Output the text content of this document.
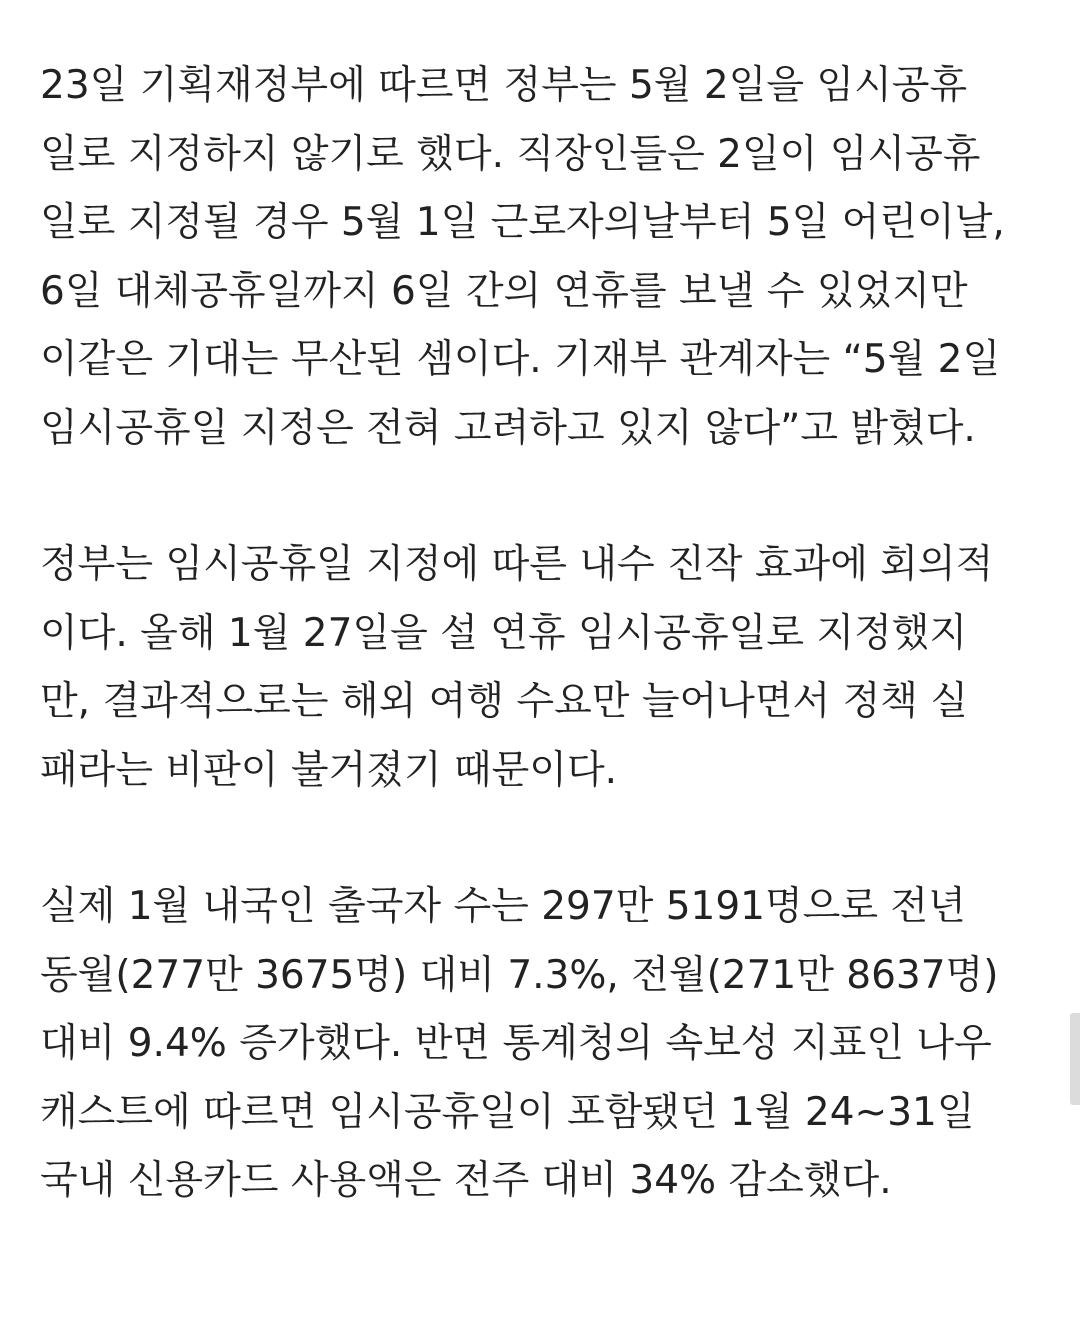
23일 기획재정부에 따르면 정부는 5월 2일을 임시공휴
일로 지정하지 않기로 했다. 직장인들은 2일이 임시공휴
일로 지정될 경우 5월 1일 근로자의날부터 5일 어린이날,
6일 대체공휴일까지 6일 간의 연휴를 보낼 수 있었지만
이같은 기대는 무산된 셈이다. 기재부 관계자는 “5월 2일
임시공휴일 지정은 전혀 고려하고 있지 않다”고 밝혔다.

정부는 임시공휴일 지정에 따른 내수 진작 효과에 회의적
이다. 올해 1월 27일을 설 연휴 임시공휴일로 지정했지
만, 결과적으로는 해외 여행 수요만 늘어나면서 정책 실
패라는 비판이 불거졌기 때문이다.

실제 1월 내국인 출국자 수는 297만 5191명으로 전년
동월(277만 3675명) 대비 7.3%, 전월(271만 8637명)
대비 9.4% 증가했다. 반면 통계청의 속보성 지표인 나우
캐스트에 따르면 임시공휴일이 포함됐던 1월 24~31일
국내 신용카드 사용액은 전주 대비 34% 감소했다.
